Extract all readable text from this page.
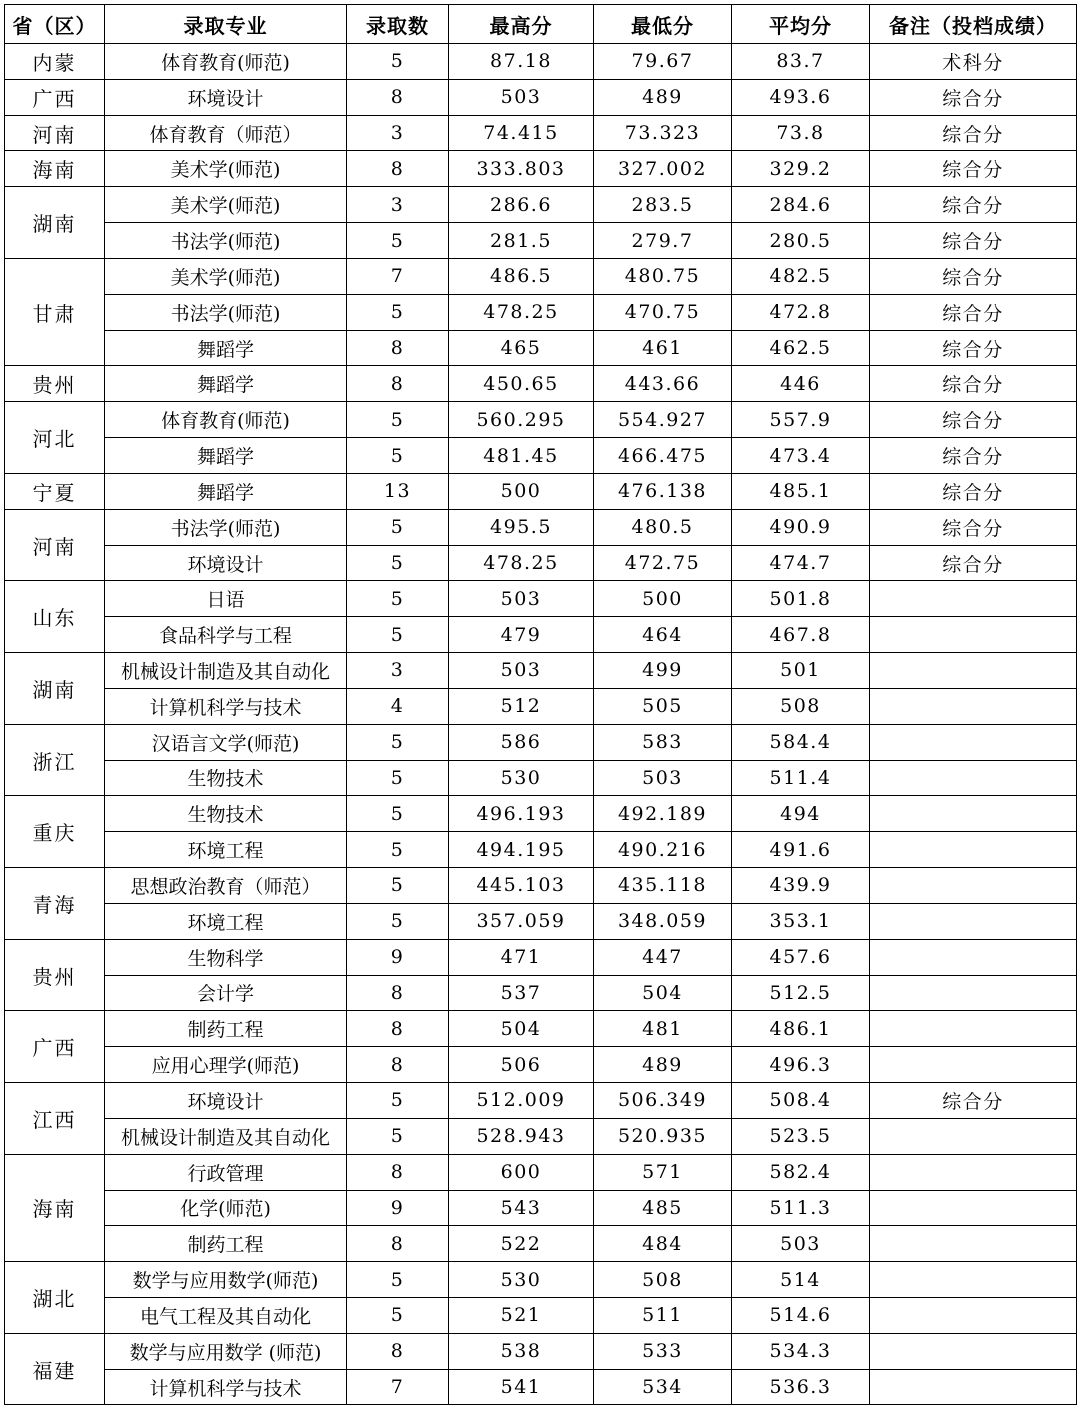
省（区）	录取专业	录取数	最高分	最低分	平均分	备注（投档成绩）
内蒙	体育教育(师范)	5	87.18	79.67	83.7	术科分
广西	环境设计	8	503	489	493.6	综合分
河南	体育教育（师范）	3	74.415	73.323	73.8	综合分
海南	美术学(师范)	8	333.803	327.002	329.2	综合分
湖南	美术学(师范)	3	286.6	283.5	284.6	综合分
	书法学(师范)	5	281.5	279.7	280.5	综合分
甘肃	美术学(师范)	7	486.5	480.75	482.5	综合分
	书法学(师范)	5	478.25	470.75	472.8	综合分
	舞蹈学	8	465	461	462.5	综合分
贵州	舞蹈学	8	450.65	443.66	446	综合分
河北	体育教育(师范)	5	560.295	554.927	557.9	综合分
	舞蹈学	5	481.45	466.475	473.4	综合分
宁夏	舞蹈学	13	500	476.138	485.1	综合分
河南	书法学(师范)	5	495.5	480.5	490.9	综合分
	环境设计	5	478.25	472.75	474.7	综合分
山东	日语	5	503	500	501.8	
	食品科学与工程	5	479	464	467.8	
湖南	机械设计制造及其自动化	3	503	499	501	
	计算机科学与技术	4	512	505	508	
浙江	汉语言文学(师范)	5	586	583	584.4	
	生物技术	5	530	503	511.4	
重庆	生物技术	5	496.193	492.189	494	
	环境工程	5	494.195	490.216	491.6	
青海	思想政治教育（师范）	5	445.103	435.118	439.9	
	环境工程	5	357.059	348.059	353.1	
贵州	生物科学	9	471	447	457.6	
	会计学	8	537	504	512.5	
广西	制药工程	8	504	481	486.1	
	应用心理学(师范)	8	506	489	496.3	
江西	环境设计	5	512.009	506.349	508.4	综合分
	机械设计制造及其自动化	5	528.943	520.935	523.5	
海南	行政管理	8	600	571	582.4	
	化学(师范)	9	543	485	511.3	
	制药工程	8	522	484	503	
湖北	数学与应用数学(师范)	5	530	508	514	
	电气工程及其自动化	5	521	511	514.6	
福建	数学与应用数学 (师范)	8	538	533	534.3	
	计算机科学与技术	7	541	534	536.3	
